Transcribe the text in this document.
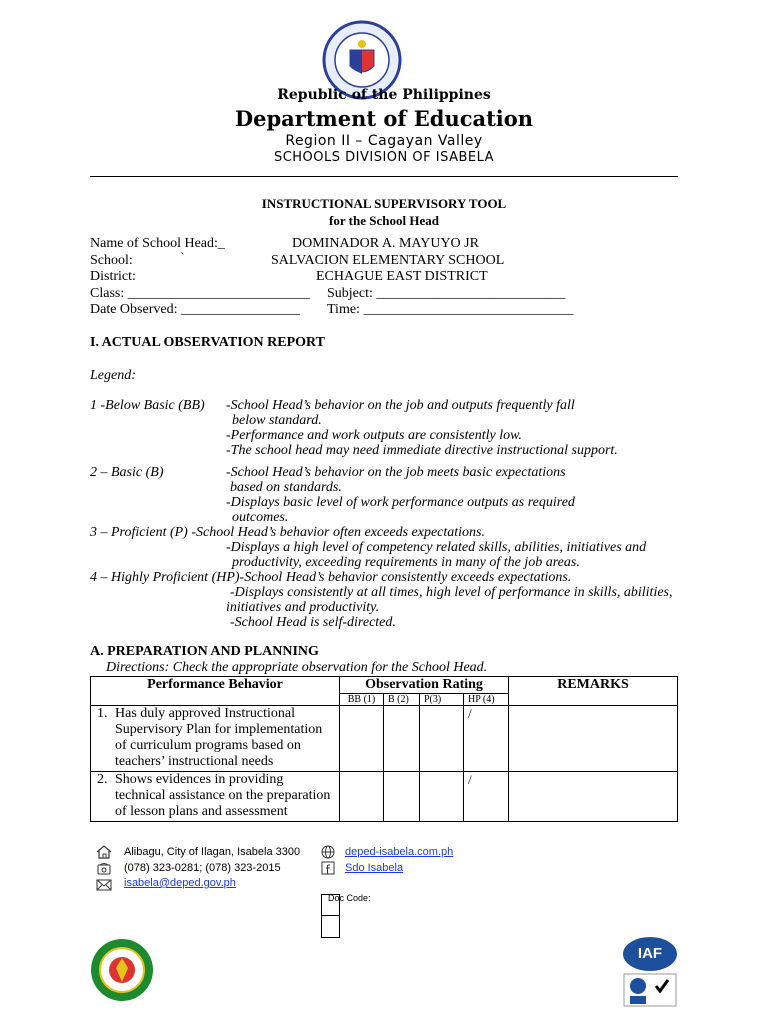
Republic of the Philippines
Department of Education
Region II – Cagayan Valley
SCHOOLS DIVISION OF ISABELA
INSTRUCTIONAL SUPERVISORY TOOL
for the School Head
Name of School Head:_	DOMINADOR A. MAYUYO JR
School:	`	SALVACION ELEMENTARY SCHOOL
District:	ECHAGUE EAST DISTRICT
Class: __________________________ Subject: ___________________________
Date Observed: _________________ Time: ______________________________
I. ACTUAL OBSERVATION REPORT
Legend:
1 -Below Basic (BB) -School Head’s behavior on the job and outputs frequently fall
below standard.
-Performance and work outputs are consistently low.
-The school head may need immediate directive instructional support.
2 – Basic (B)	-School Head’s behavior on the job meets basic expectations
based on standards.
-Displays basic level of work performance outputs as required
outcomes.
3 – Proficient (P) -School Head’s behavior often exceeds expectations.
-Displays a high level of competency related skills, abilities, initiatives and
productivity, exceeding requirements in many of the job areas.
4 – Highly Proficient (HP)-School Head’s behavior consistently exceeds expectations.
-Displays consistently at all times, high level of performance in skills, abilities,
initiatives and productivity.
-School Head is self-directed.
A. PREPARATION AND PLANNING
Directions: Check the appropriate observation for the School Head.
Performance Behavior	Observation Rating				REMARKS
	BB (1)	B (2)	P(3)	HP (4)	

1. Has duly approved Instructional Supervisory Plan for implementation of curriculum programs based on teachers’ instructional needs				/	

2. Shows evidences in providing technical assistance on the preparation of lesson plans and assessment				/	
Alibagu, City of Ilagan, Isabela 3300
(078) 323-0281; (078) 323-2015
isabela@deped.gov.ph
deped-isabela.com.ph
Sdo Isabela
Doc Code:
IAF
